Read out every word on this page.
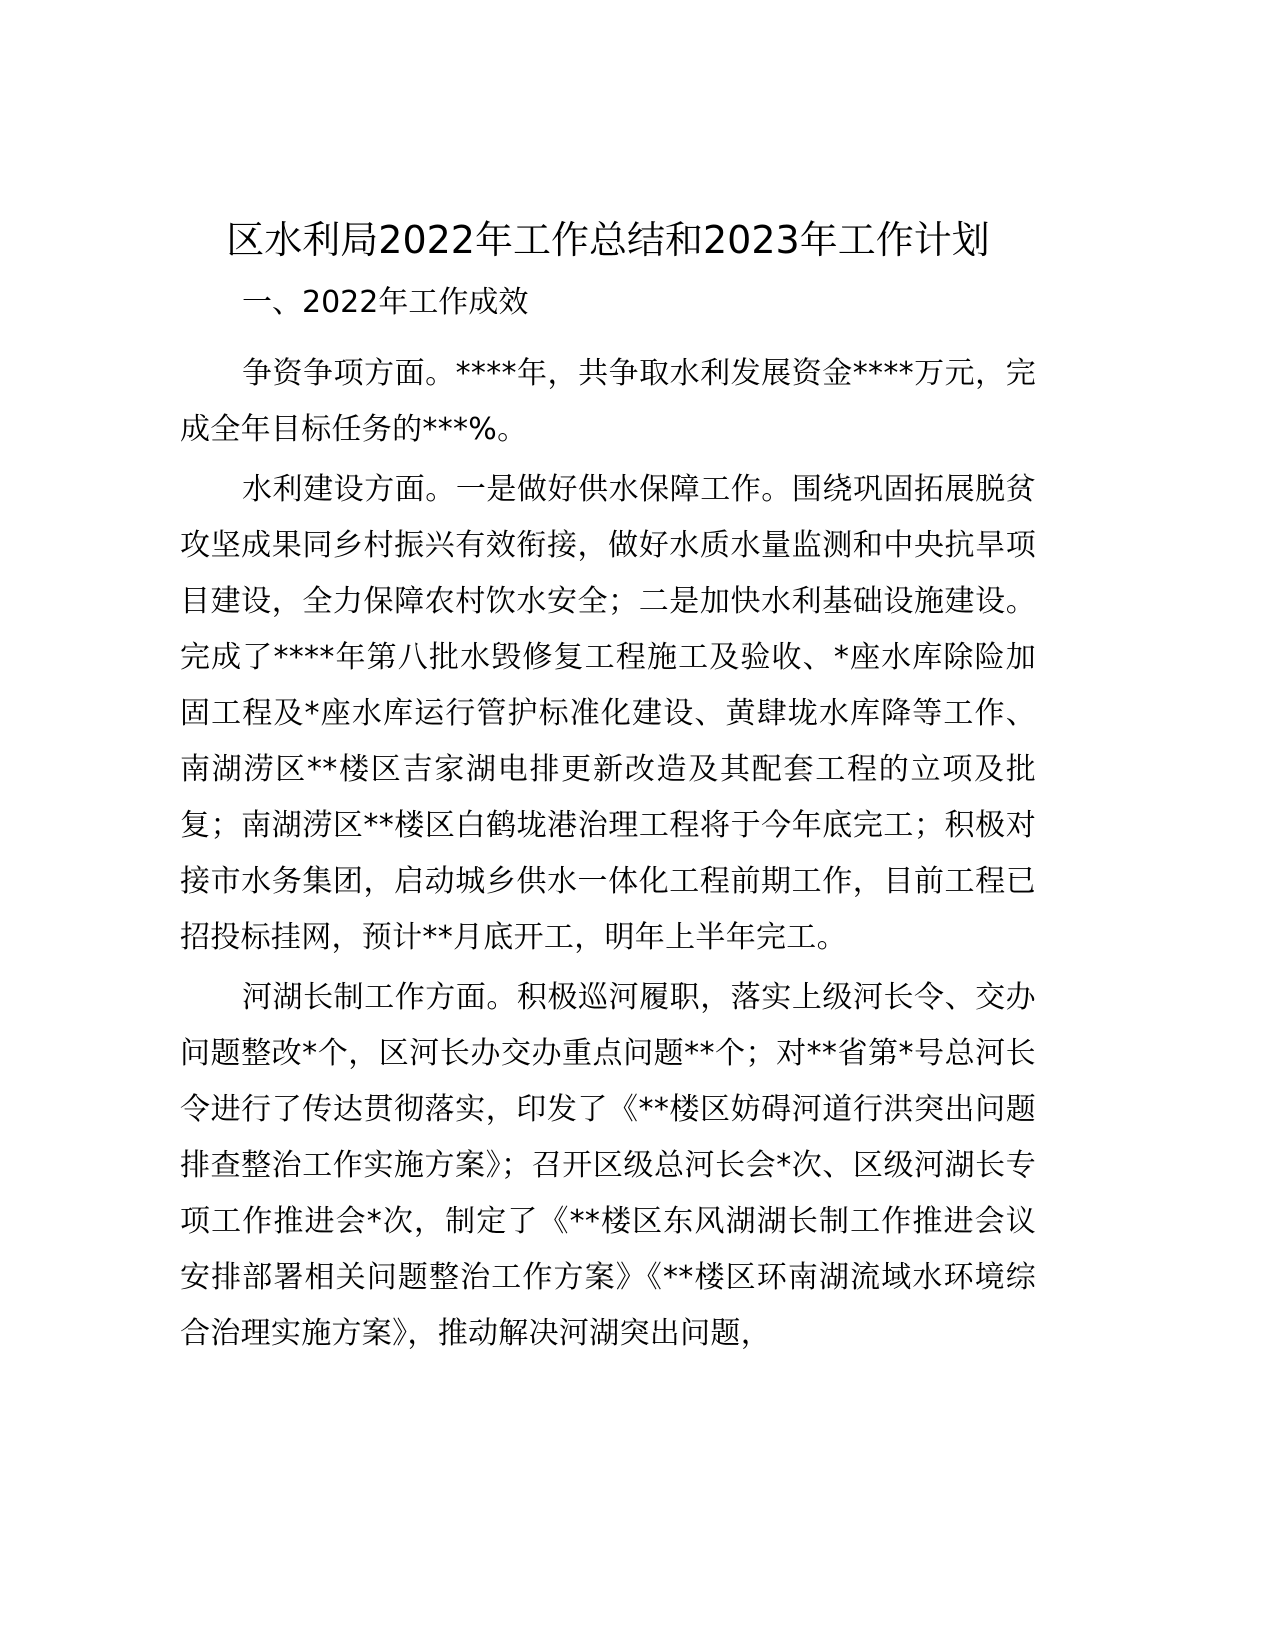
区水利局2022年工作总结和2023年工作计划
一、2022年工作成效

争资争项方面。****年，共争取水利发展资金****万元，完成全年目标任务的***%。

水利建设方面。一是做好供水保障工作。围绕巩固拓展脱贫攻坚成果同乡村振兴有效衔接，做好水质水量监测和中央抗旱项目建设，全力保障农村饮水安全；二是加快水利基础设施建设。完成了****年第八批水毁修复工程施工及验收、*座水库除险加固工程及*座水库运行管护标准化建设、黄肆垅水库降等工作、南湖涝区**楼区吉家湖电排更新改造及其配套工程的立项及批复；南湖涝区**楼区白鹤垅港治理工程将于今年底完工；积极对接市水务集团，启动城乡供水一体化工程前期工作，目前工程已招投标挂网，预计**月底开工，明年上半年完工。

河湖长制工作方面。积极巡河履职，落实上级河长令、交办问题整改*个，区河长办交办重点问题**个；对**省第*号总河长令进行了传达贯彻落实，印发了《**楼区妨碍河道行洪突出问题排查整治工作实施方案》；召开区级总河长会*次、区级河湖长专项工作推进会*次，制定了《**楼区东风湖湖长制工作推进会议安排部署相关问题整治工作方案》《**楼区环南湖流域水环境综合治理实施方案》，推动解决河湖突出问题，
